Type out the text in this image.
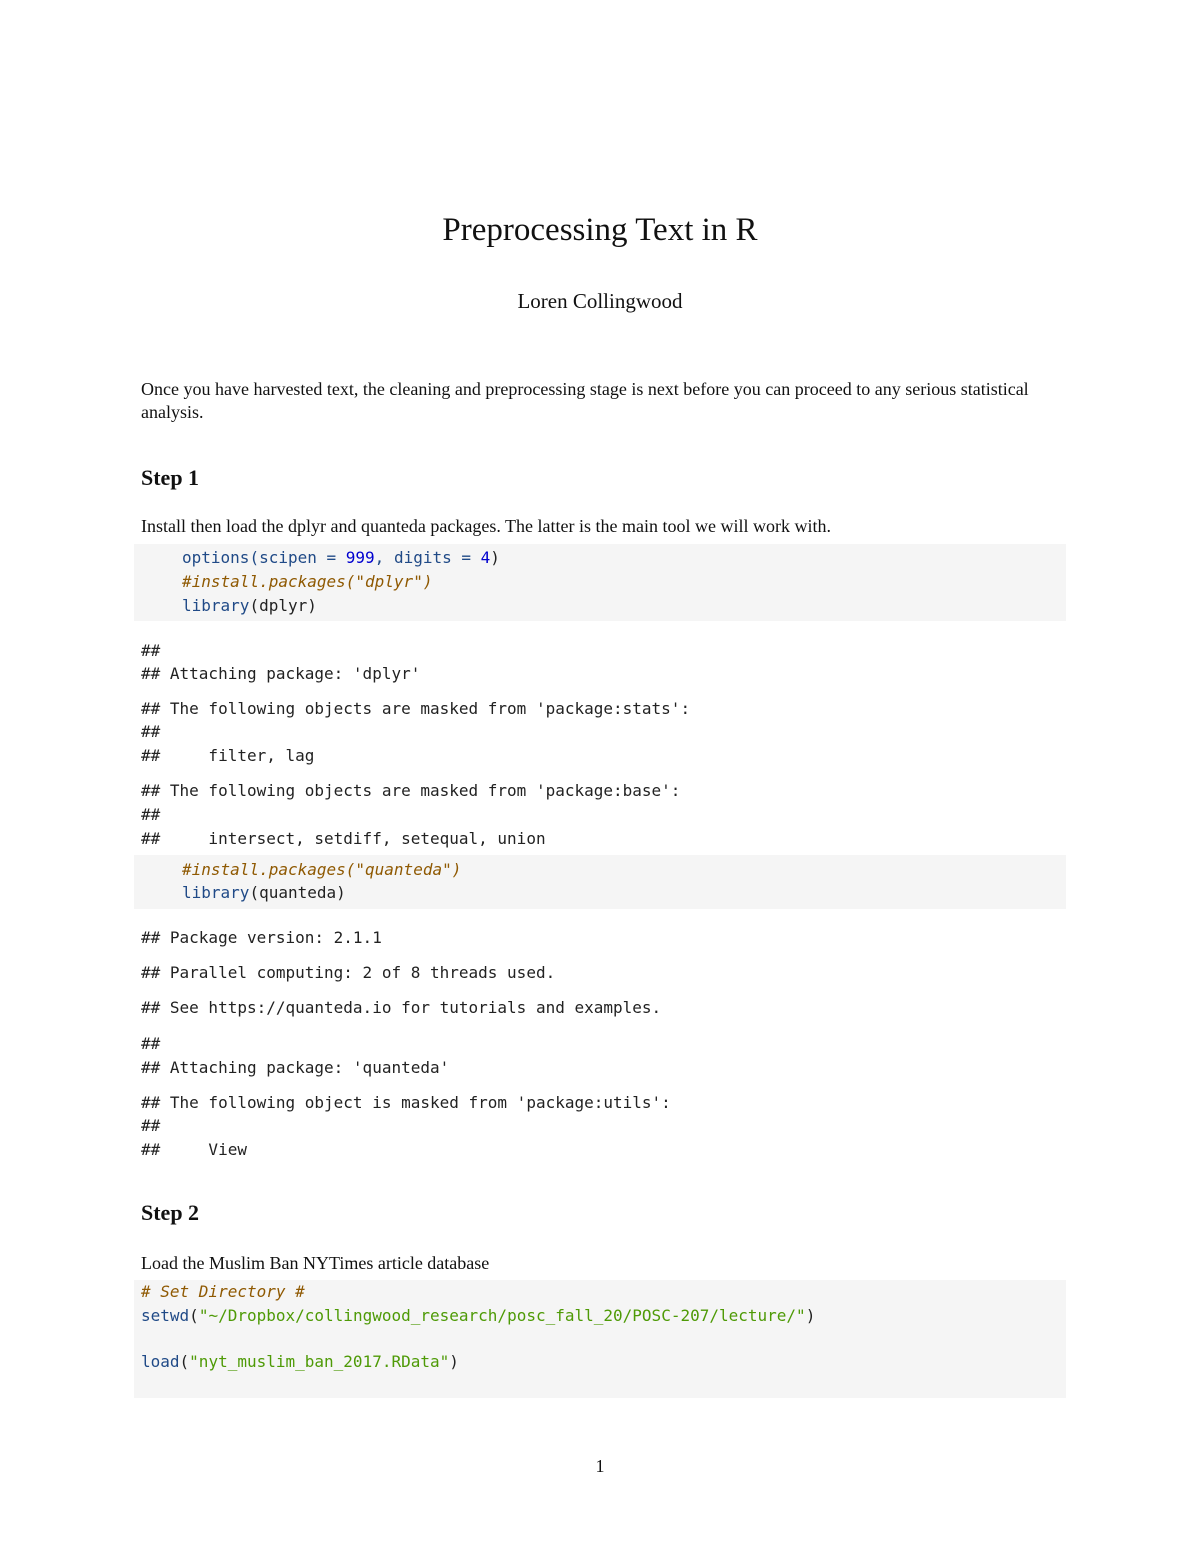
Preprocessing Text in R
Loren Collingwood
Once you have harvested text, the cleaning and preprocessing stage is next before you can proceed to any serious statistical analysis.
Step 1
Install then load the dplyr and quanteda packages. The latter is the main tool we will work with.
options(scipen = 999, digits = 4)
#install.packages("dplyr")
library(dplyr)
##
## Attaching package: 'dplyr'
## The following objects are masked from 'package:stats':
##
##     filter, lag
## The following objects are masked from 'package:base':
##
##     intersect, setdiff, setequal, union
#install.packages("quanteda")
library(quanteda)
## Package version: 2.1.1
## Parallel computing: 2 of 8 threads used.
## See https://quanteda.io for tutorials and examples.
##
## Attaching package: 'quanteda'
## The following object is masked from 'package:utils':
##
##     View
Step 2
Load the Muslim Ban NYTimes article database
# Set Directory #
setwd("~/Dropbox/collingwood_research/posc_fall_20/POSC-207/lecture/")
load("nyt_muslim_ban_2017.RData")
1
